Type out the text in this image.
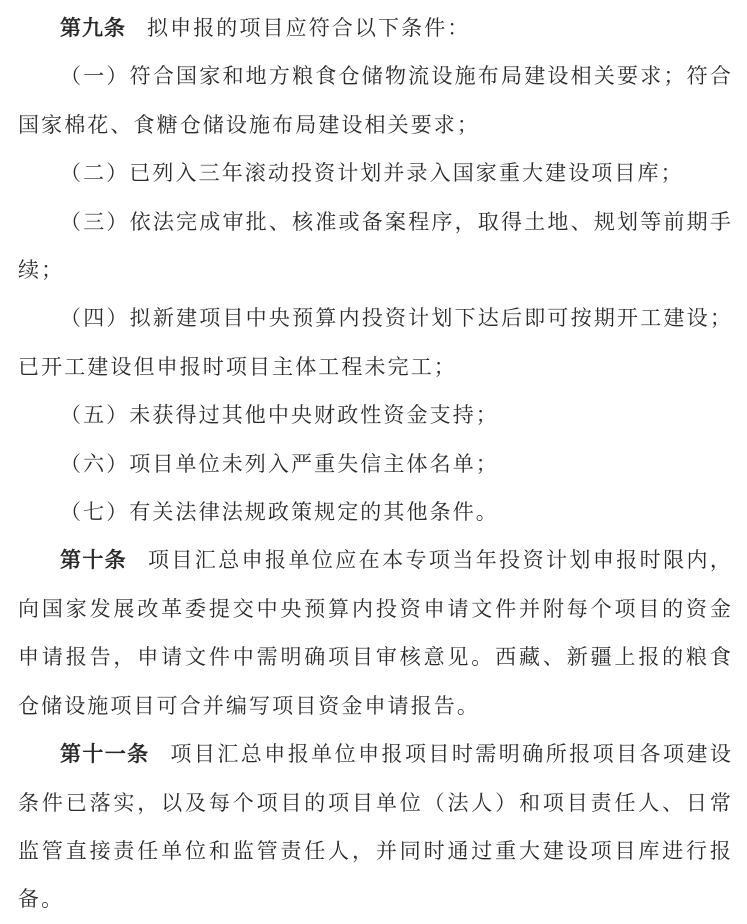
第九条 拟申报的项目应符合以下条件：

（一）符合国家和地方粮食仓储物流设施布局建设相关要求；符合国家棉花、食糖仓储设施布局建设相关要求；

（二）已列入三年滚动投资计划并录入国家重大建设项目库；

（三）依法完成审批、核准或备案程序，取得土地、规划等前期手续；

（四）拟新建项目中央预算内投资计划下达后即可按期开工建设；已开工建设但申报时项目主体工程未完工；

（五）未获得过其他中央财政性资金支持；

（六）项目单位未列入严重失信主体名单；

（七）有关法律法规政策规定的其他条件。

第十条 项目汇总申报单位应在本专项当年投资计划申报时限内，向国家发展改革委提交中央预算内投资申请文件并附每个项目的资金申请报告，申请文件中需明确项目审核意见。西藏、新疆上报的粮食仓储设施项目可合并编写项目资金申请报告。

第十一条 项目汇总申报单位申报项目时需明确所报项目各项建设条件已落实，以及每个项目的项目单位（法人）和项目责任人、日常监管直接责任单位和监管责任人，并同时通过重大建设项目库进行报备。
